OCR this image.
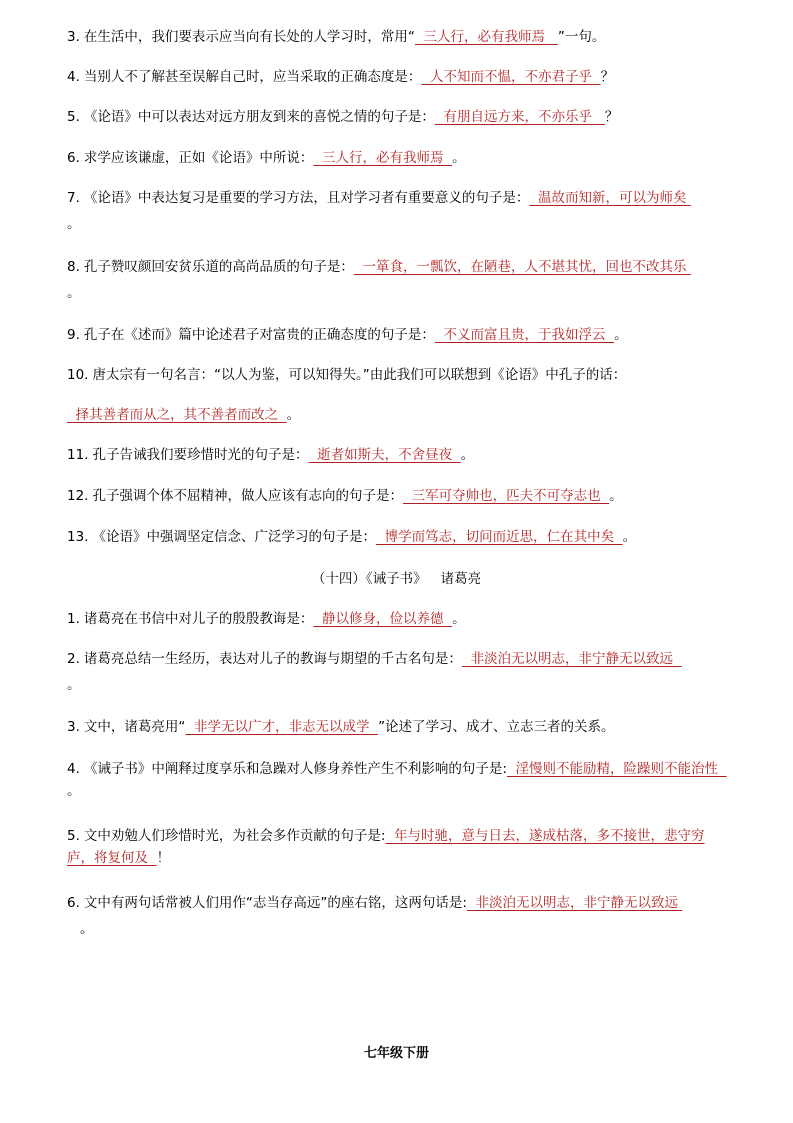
3. 在生活中，我们要表示应当向有长处的人学习时，常用“  三人行，必有我师焉   ”一句。
4. 当别人不了解甚至误解自己时，应当采取的正确态度是：  人不知而不愠，不亦君子乎  ？
5. 《论语》中可以表达对远方朋友到来的喜悦之情的句子是：  有朋自远方来，不亦乐乎   ？
6. 求学应该谦虚，正如《论语》中所说：  三人行，必有我师焉  。
7. 《论语》中表达复习是重要的学习方法，且对学习者有重要意义的句子是：  温故而知新，可以为师矣
。
8. 孔子赞叹颜回安贫乐道的高尚品质的句子是：  一箪食，一瓢饮，在陋巷，人不堪其忧，回也不改其乐
。
9. 孔子在《述而》篇中论述君子对富贵的正确态度的句子是：  不义而富且贵，于我如浮云  。
10. 唐太宗有一句名言：“以人为鉴，可以知得失。”由此我们可以联想到《论语》中孔子的话：
择其善者而从之，其不善者而改之  。
11. 孔子告诫我们要珍惜时光的句子是：  逝者如斯夫，不舍昼夜  。
12. 孔子强调个体不屈精神，做人应该有志向的句子是：  三军可夺帅也，匹夫不可夺志也  。
13. 《论语》中强调坚定信念、广泛学习的句子是：  博学而笃志，切问而近思，仁在其中矣  。
（十四）《诫子书》 诸葛亮
1. 诸葛亮在书信中对儿子的殷殷教诲是：  静以修身，俭以养德  。
2. 诸葛亮总结一生经历，表达对儿子的教诲与期望的千古名句是：  非淡泊无以明志，非宁静无以致远
。
3. 文中，诸葛亮用“  非学无以广才，非志无以成学  ”论述了学习、成才、立志三者的关系。
4. 《诫子书》中阐释过度享乐和急躁对人修身养性产生不利影响的句子是:  淫慢则不能励精，险躁则不能治性  。
5. 文中劝勉人们珍惜时光，为社会多作贡献的句子是:  年与时驰，意与日去，遂成枯落，多不接世，悲守穷庐，将复何及  ！
6. 文中有两句话常被人们用作“志当存高远”的座右铭，这两句话是:  非淡泊无以明志，非宁静无以致远
。
七年级下册
